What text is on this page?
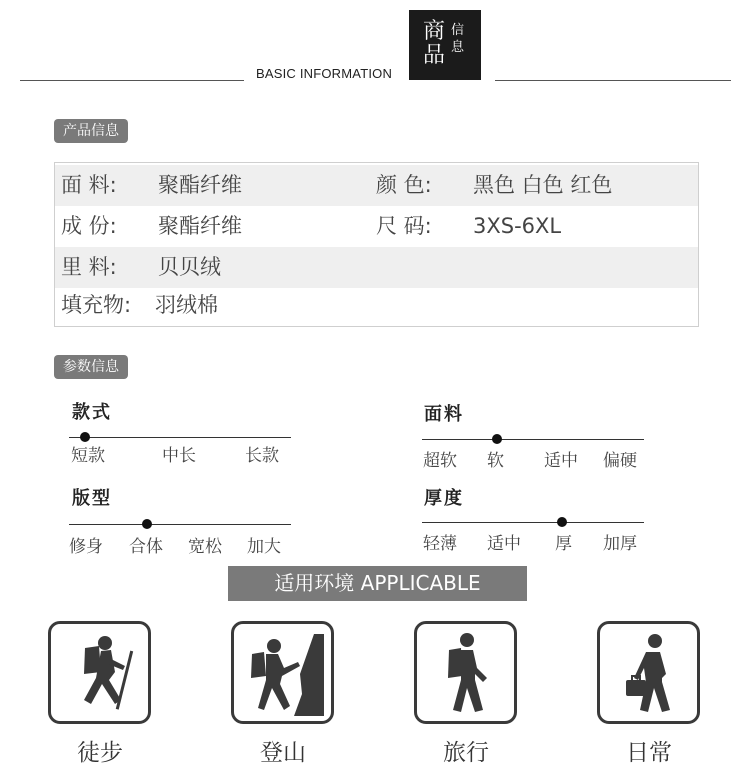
BASIC INFORMATION
商品
信息
产品信息
面 料: 聚酯纤维	颜 色: 黑色 白色 红色
成 份: 聚酯纤维	尺 码: 3XS-6XL
里 料: 贝贝绒
填充物: 羽绒棉
参数信息
款式
短款	中长	长款
面料
超软 软 适中 偏硬
版型
修身 合体 宽松 加大
厚度
轻薄 适中 厚 加厚
适用环境 APPLICABLE
徒步	登山	旅行	日常
